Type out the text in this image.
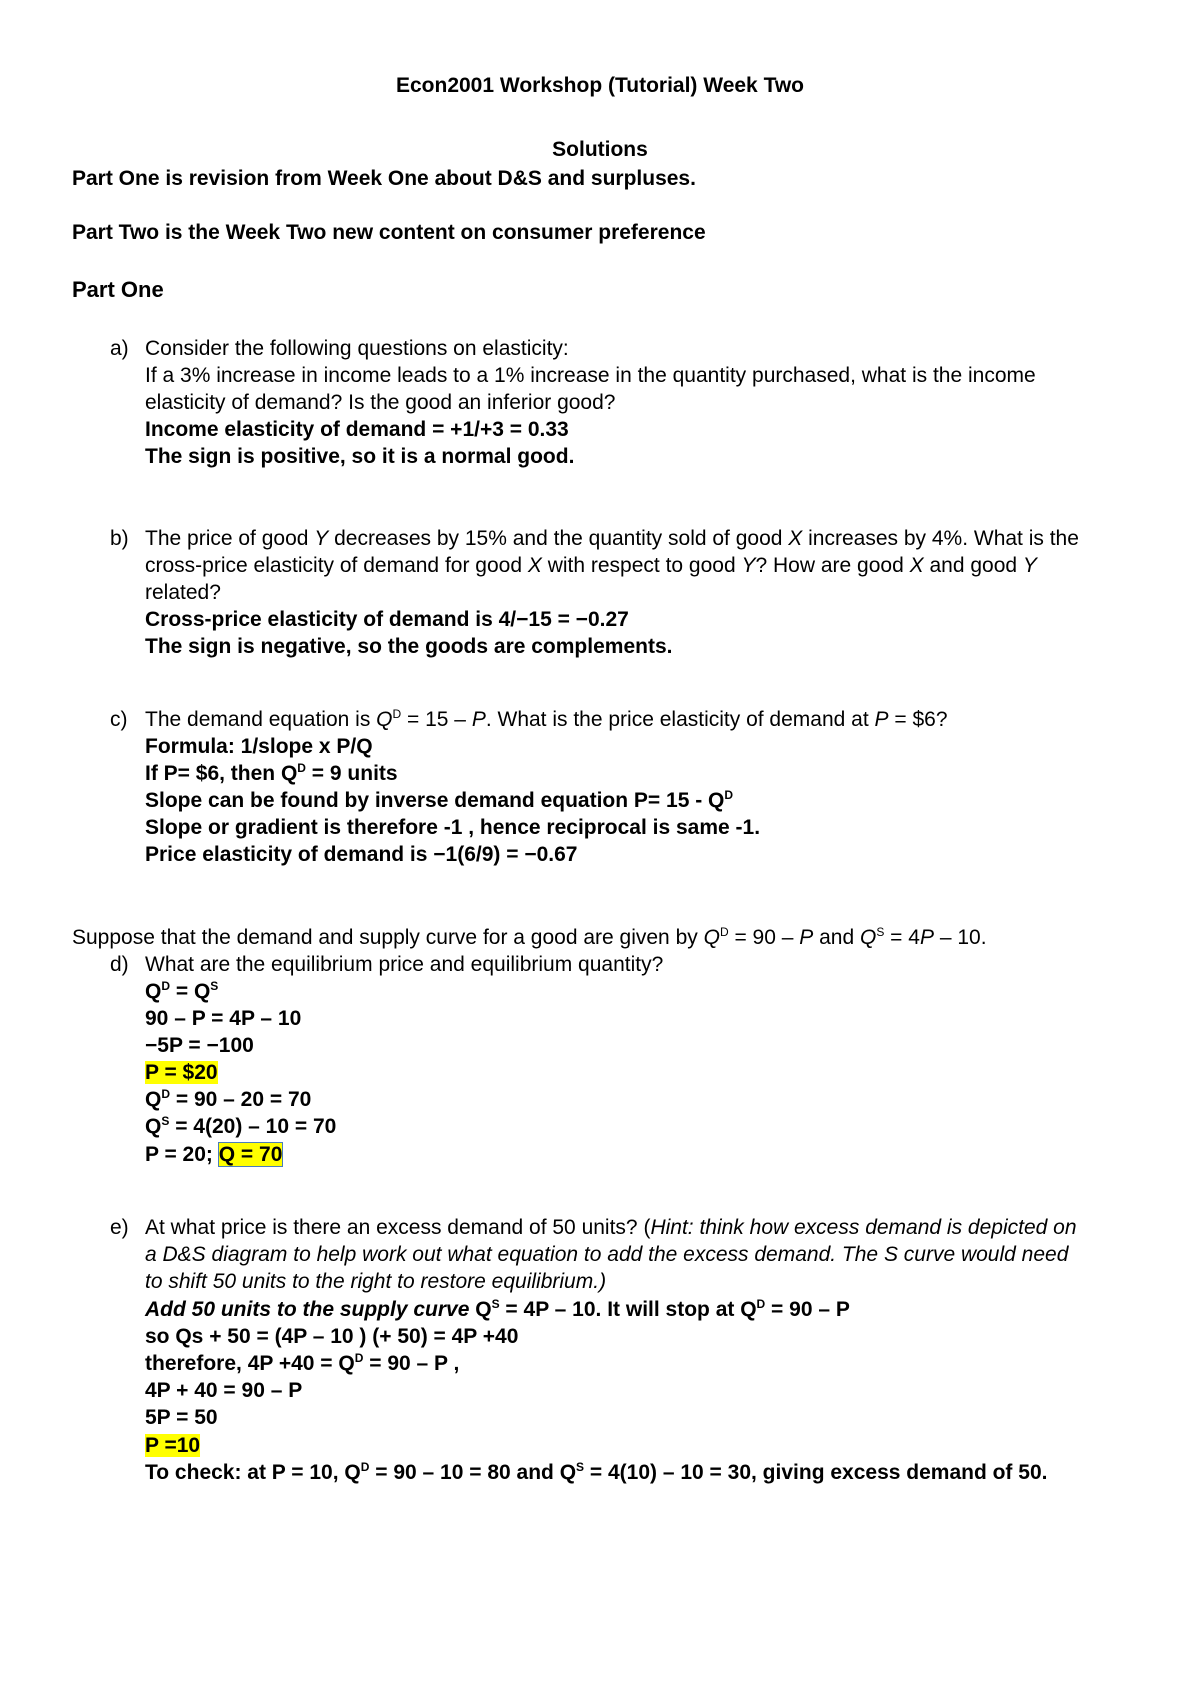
Econ2001 Workshop (Tutorial) Week Two
Solutions
Part One is revision from Week One about D&S and surpluses.
Part Two is the Week Two new content on consumer preference
Part One
a) Consider the following questions on elasticity:
If a 3% increase in income leads to a 1% increase in the quantity purchased, what is the income
elasticity of demand? Is the good an inferior good?
Income elasticity of demand = +1/+3 = 0.33
The sign is positive, so it is a normal good.
b) The price of good Y decreases by 15% and the quantity sold of good X increases by 4%. What is the
cross-price elasticity of demand for good X with respect to good Y? How are good X and good Y
related?
Cross-price elasticity of demand is 4/−15 = −0.27
The sign is negative, so the goods are complements.
c) The demand equation is $Q^D = 15 - P$. What is the price elasticity of demand at P = $6?
Formula: 1/slope x P/Q
If P= $6, then $Q^D = 9$ units
Slope can be found by inverse demand equation $P= 15 - Q^D$
Slope or gradient is therefore -1 , hence reciprocal is same -1.
Price elasticity of demand is −1(6/9) = −0.67
Suppose that the demand and supply curve for a good are given by $Q^D = 90 - P$ and $Q^S = 4P - 10$.
d) What are the equilibrium price and equilibrium quantity?
$Q^D = Q^S$
90 – P = 4P – 10
−5P = −100
P = $20
$Q^D = 90 - 20 = 70$
$Q^S = 4(20) - 10 = 70$
P = 20; Q = 70
e) At what price is there an excess demand of 50 units? (Hint: think how excess demand is depicted on
a D&S diagram to help work out what equation to add the excess demand. The S curve would need
to shift 50 units to the right to restore equilibrium.)
Add 50 units to the supply curve $Q^S = 4P - 10$. It will stop at $Q^D = 90 - P$
so Qs + 50 = (4P – 10 ) (+ 50) = 4P +40
therefore, $4P +40 = Q^D = 90 - P$ ,
4P + 40 = 90 – P
5P = 50
P =10
To check: at P = 10, $Q^D = 90 - 10 = 80$ and $Q^S = 4(10) - 10 = 30$, giving excess demand of 50.
